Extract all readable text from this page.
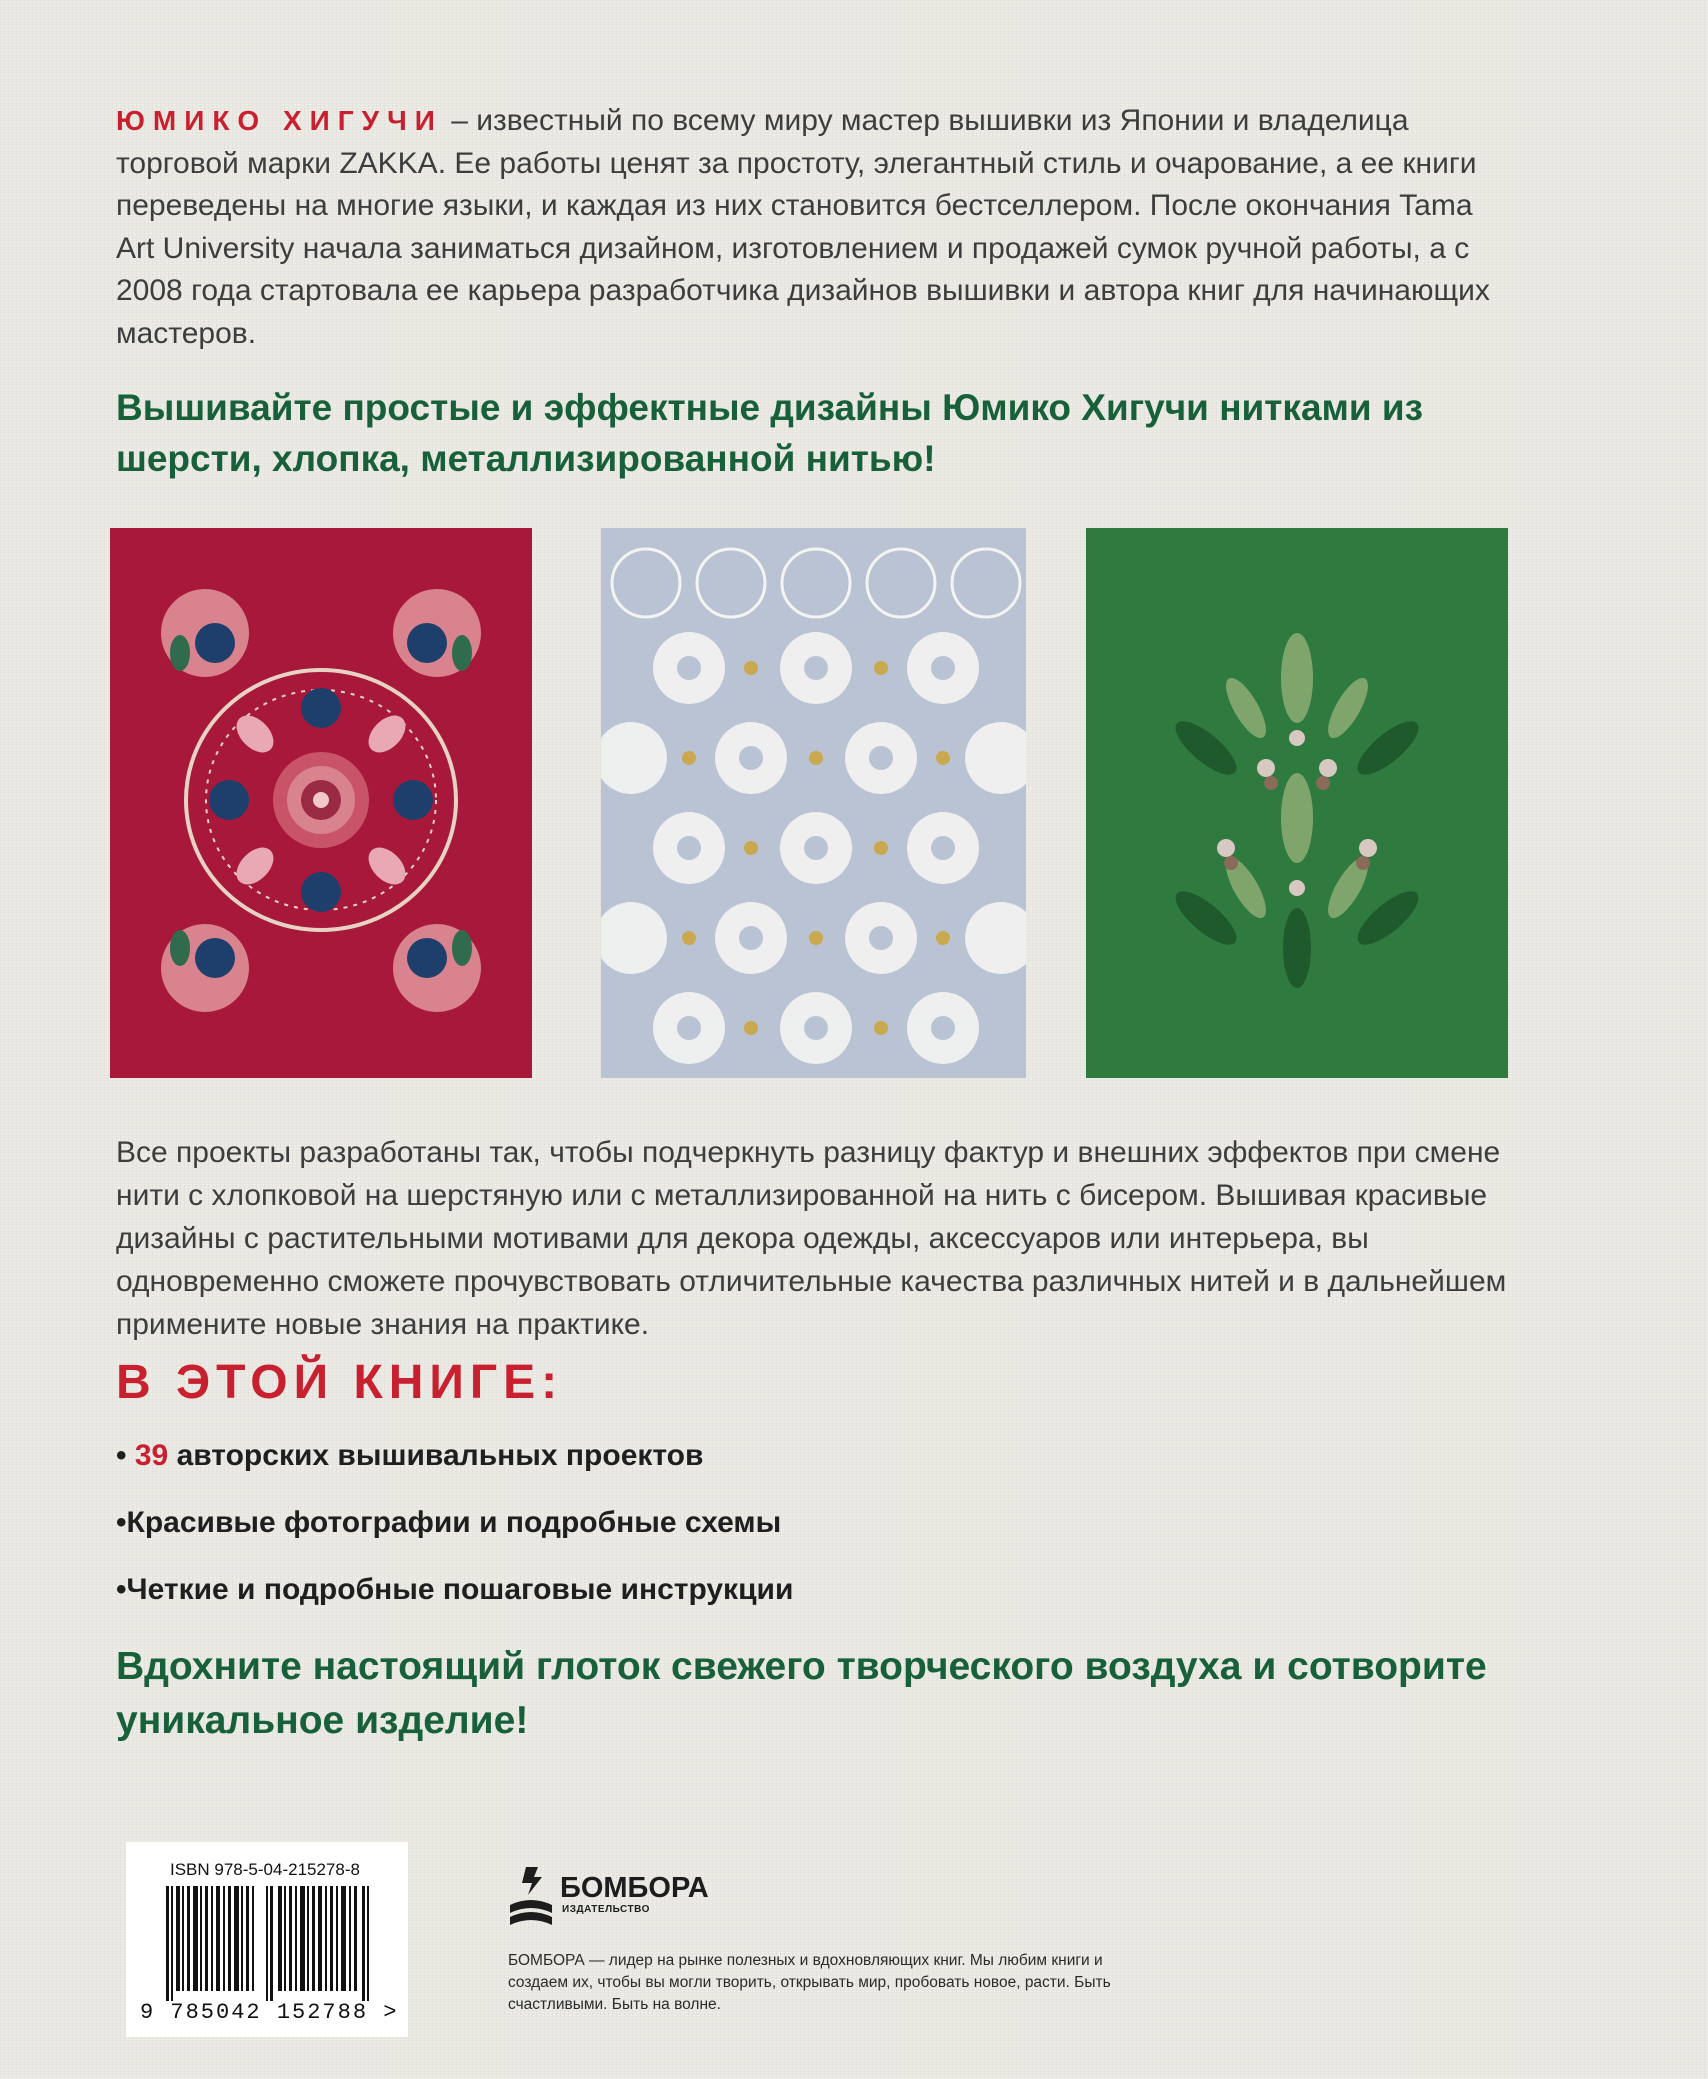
ЮМИКО ХИГУЧИ – известный по всему миру мастер вышивки из Японии и владелица торговой марки ZAKKA. Ее работы ценят за простоту, элегантный стиль и очарование, а ее книги переведены на многие языки, и каждая из них становится бестселлером. После окончания Tama Art University начала заниматься дизайном, изготовлением и продажей сумок ручной работы, а с 2008 года стартовала ее карьера разработчика дизайнов вышивки и автора книг для начинающих мастеров.
Вышивайте простые и эффектные дизайны Юмико Хигучи нитками из шерсти, хлопка, металлизированной нитью!
Все проекты разработаны так, чтобы подчеркнуть разницу фактур и внешних эффектов при смене нити с хлопковой на шерстяную или с металлизированной на нить с бисером. Вышивая красивые дизайны с растительными мотивами для декора одежды, аксессуаров или интерьера, вы одновременно сможете прочувствовать отличительные качества различных нитей и в дальнейшем примените новые знания на практике.
В ЭТОЙ КНИГЕ:
• 39 авторских вышивальных проектов
•Красивые фотографии и подробные схемы
•Четкие и подробные пошаговые инструкции
Вдохните настоящий глоток свежего творческого воздуха и сотворите уникальное изделие!
ISBN 978-5-04-215278-8
9 785042 152788 >
БОМБОРА
ИЗДАТЕЛЬСТВО
БОМБОРА — лидер на рынке полезных и вдохновляющих книг. Мы любим книги и создаем их, чтобы вы могли творить, открывать мир, пробовать новое, расти. Быть счастливыми. Быть на волне.
